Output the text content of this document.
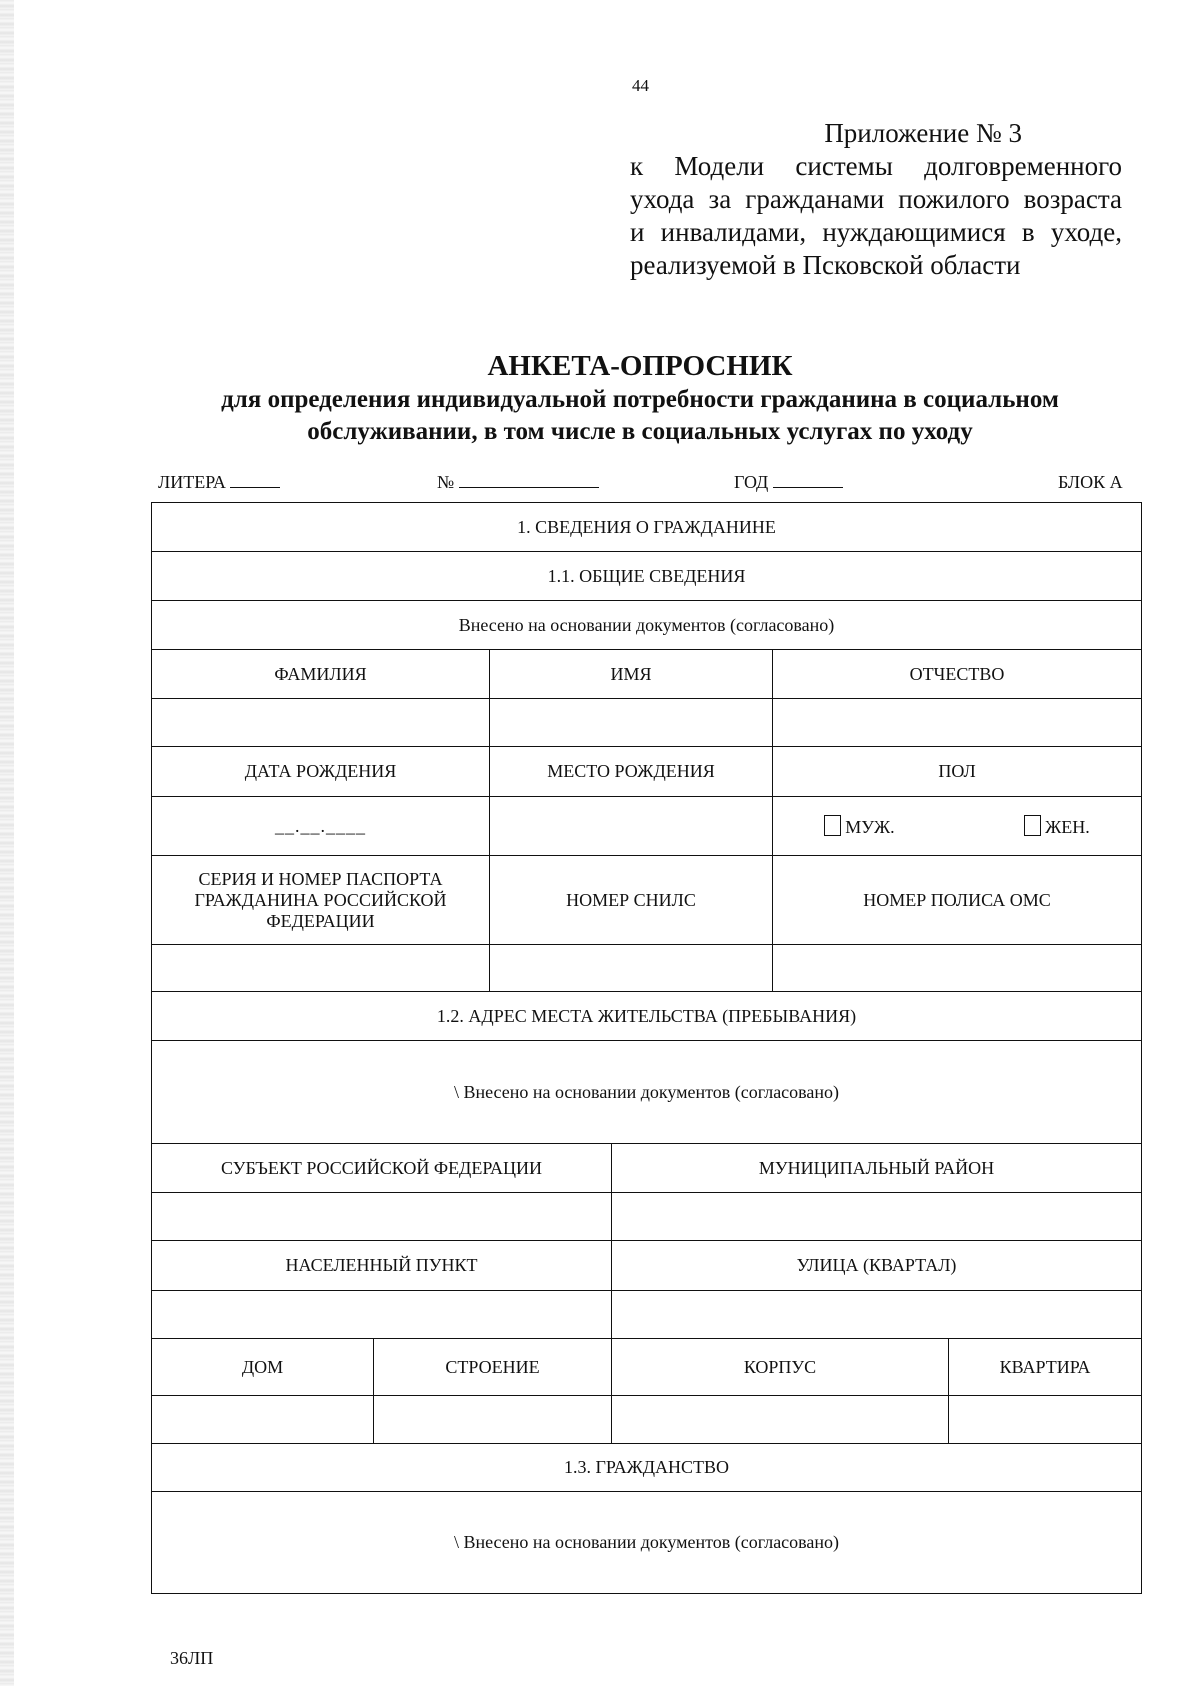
44
Приложение № 3
к Модели системы долговременного
ухода за гражданами пожилого возраста
и инвалидами, нуждающимися в уходе,
реализуемой в Псковской области
АНКЕТА-ОПРОСНИК
для определения индивидуальной потребности гражданина в социальном
обслуживании, в том числе в социальных услугах по уходу
ЛИТЕРА	№	ГОД	БЛОК А
1. СВЕДЕНИЯ О ГРАЖДАНИНЕ					
1.1. ОБЩИЕ СВЕДЕНИЯ					
Внесено на основании документов (согласовано)					
ФАМИЛИЯ		ИМЯ		ОТЧЕСТВО	

ДАТА РОЖДЕНИЯ		МЕСТО РОЖДЕНИЯ		ПОЛ	
__.__.____				МУЖ. ЖЕН.	
СЕРИЯ И НОМЕР ПАСПОРТА ГРАЖДАНИНА РОССИЙСКОЙ ФЕДЕРАЦИИ		НОМЕР СНИЛС		НОМЕР ПОЛИСА ОМС	

1.2. АДРЕС МЕСТА ЖИТЕЛЬСТВА (ПРЕБЫВАНИЯ)					
\ Внесено на основании документов (согласовано)					
СУБЪЕКТ РОССИЙСКОЙ ФЕДЕРАЦИИ			МУНИЦИПАЛЬНЫЙ РАЙОН		

НАСЕЛЕННЫЙ ПУНКТ			УЛИЦА (КВАРТАЛ)		

ДОМ	СТРОЕНИЕ		КОРПУС		КВАРТИРА

1.3. ГРАЖДАНСТВО					
\ Внесено на основании документов (согласовано)					
36ЛП
